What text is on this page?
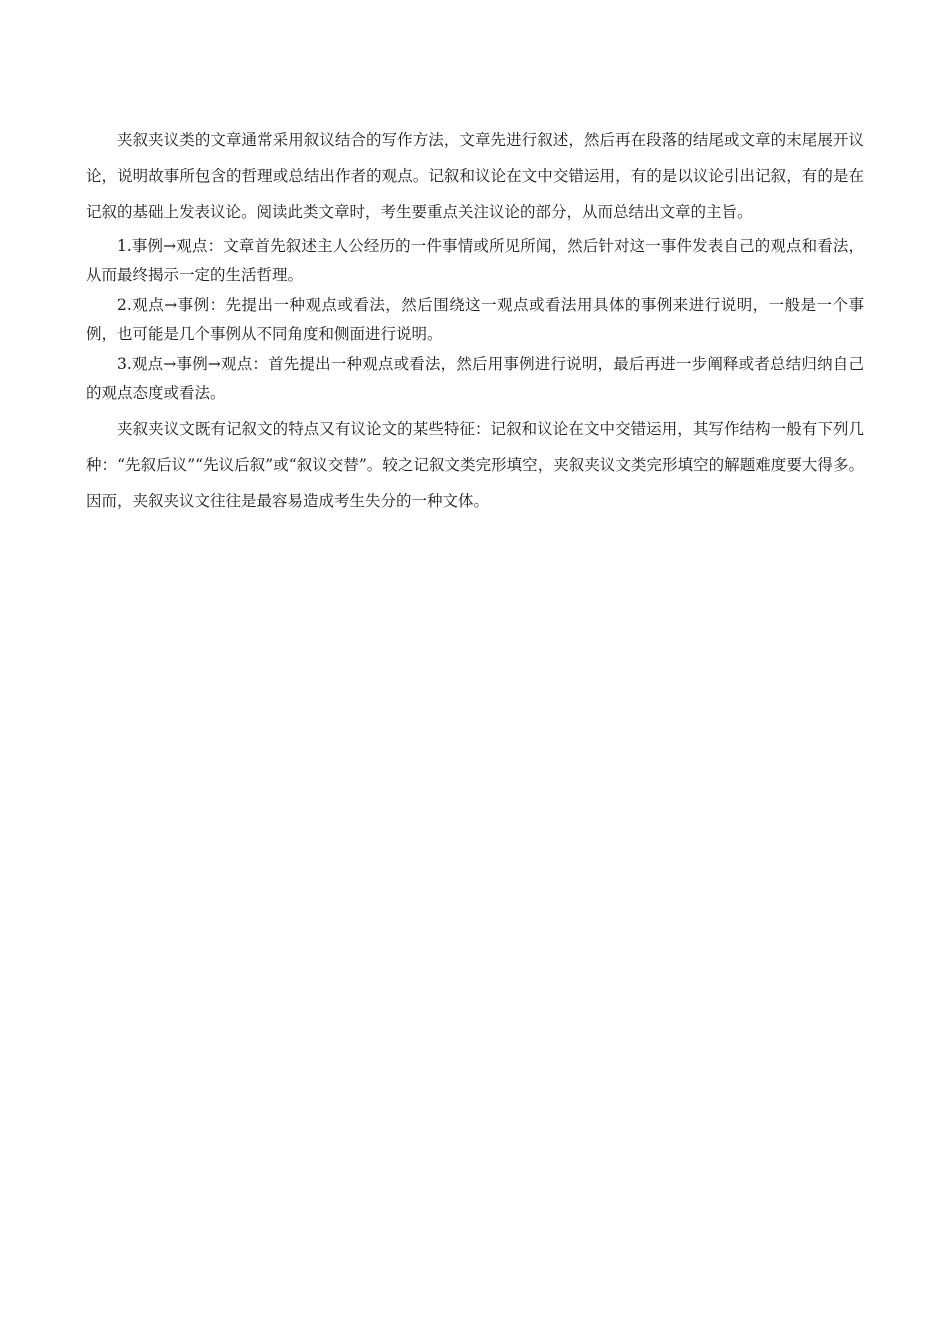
夹叙夹议类的文章通常采用叙议结合的写作方法，文章先进行叙述，然后再在段落的结尾或文章的末尾展开议论，说明故事所包含的哲理或总结出作者的观点。记叙和议论在文中交错运用，有的是以议论引出记叙，有的是在记叙的基础上发表议论。阅读此类文章时，考生要重点关注议论的部分，从而总结出文章的主旨。

1.事例→观点：文章首先叙述主人公经历的一件事情或所见所闻，然后针对这一事件发表自己的观点和看法，从而最终揭示一定的生活哲理。

2.观点→事例：先提出一种观点或看法，然后围绕这一观点或看法用具体的事例来进行说明，一般是一个事例，也可能是几个事例从不同角度和侧面进行说明。

3.观点→事例→观点：首先提出一种观点或看法，然后用事例进行说明，最后再进一步阐释或者总结归纳自己的观点态度或看法。

夹叙夹议文既有记叙文的特点又有议论文的某些特征：记叙和议论在文中交错运用，其写作结构一般有下列几种：“先叙后议”“先议后叙”或“叙议交替”。较之记叙文类完形填空，夹叙夹议文类完形填空的解题难度要大得多。因而，夹叙夹议文往往是最容易造成考生失分的一种文体。
